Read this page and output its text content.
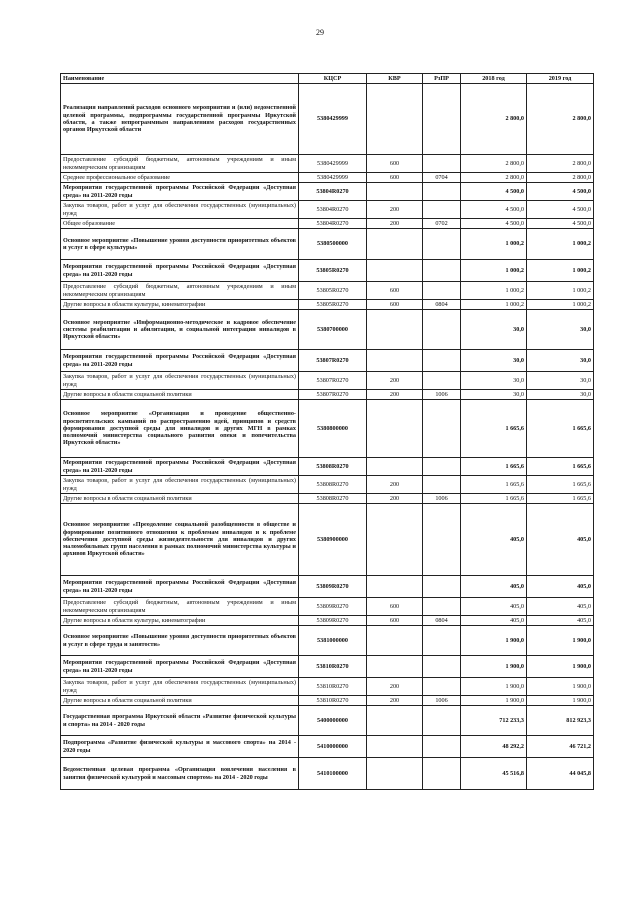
29
Наименование	КЦСР	КВР	РзПР	2018 год	2019 год
Реализация направлений расходов основного мероприятия и (или) ведомственной целевой программы, подпрограммы государственной программы Иркутской области, а также непрограммным направлениям расходов государственных органов Иркутской области	5380429999			2 800,0	2 800,0
Предоставление субсидий бюджетным, автономным учреждениям и иным некоммерческим организациям	5380429999	600		2 800,0	2 800,0
Среднее профессиональное образование	5380429999	600	0704	2 800,0	2 800,0
Мероприятия государственной программы Российской Федерации «Доступная среда» на 2011-2020 годы	53804R0270			4 500,0	4 500,0
Закупка товаров, работ и услуг для обеспечения государственных (муниципальных) нужд	53804R0270	200		4 500,0	4 500,0
Общее образование	53804R0270	200	0702	4 500,0	4 500,0
Основное мероприятие «Повышение уровня доступности приоритетных объектов и услуг в сфере культуры»	5380500000			1 000,2	1 000,2
Мероприятия государственной программы Российской Федерации «Доступная среда» на 2011-2020 годы	53805R0270			1 000,2	1 000,2
Предоставление субсидий бюджетным, автономным учреждениям и иным некоммерческим организациям	53805R0270	600		1 000,2	1 000,2
Другие вопросы в области культуры, кинематографии	53805R0270	600	0804	1 000,2	1 000,2
Основное мероприятие «Информационно-методическое и кадровое обеспечение системы реабилитации и абилитации, и социальной интеграции инвалидов в Иркутской области»	5380700000			30,0	30,0
Мероприятия государственной программы Российской Федерации «Доступная среда» на 2011-2020 годы	53807R0270			30,0	30,0
Закупка товаров, работ и услуг для обеспечения государственных (муниципальных) нужд	53807R0270	200		30,0	30,0
Другие вопросы в области социальной политики	53807R0270	200	1006	30,0	30,0
Основное мероприятие «Организация и проведение общественно-просветительских кампаний по распространению идей, принципов и средств формирования доступной среды для инвалидов и других МГН в рамках полномочий министерства социального развития опеки и попечительства Иркутской области»	5380800000			1 665,6	1 665,6
Мероприятия государственной программы Российской Федерации «Доступная среда» на 2011-2020 годы	53808R0270			1 665,6	1 665,6
Закупка товаров, работ и услуг для обеспечения государственных (муниципальных) нужд	53808R0270	200		1 665,6	1 665,6
Другие вопросы в области социальной политики	53808R0270	200	1006	1 665,6	1 665,6
Основное мероприятие «Преодоление социальной разобщенности в обществе и формирование позитивного отношения к проблемам инвалидов и к проблеме обеспечения доступной среды жизнедеятельности для инвалидов и других маломобильных групп населения в рамках полномочий министерства культуры и архивов Иркутской области»	5380900000			405,0	405,0
Мероприятия государственной программы Российской Федерации «Доступная среда» на 2011-2020 годы	53809R0270			405,0	405,0
Предоставление субсидий бюджетным, автономным учреждениям и иным некоммерческим организациям	53809R0270	600		405,0	405,0
Другие вопросы в области культуры, кинематографии	53809R0270	600	0804	405,0	405,0
Основное мероприятие «Повышение уровня доступности приоритетных объектов и услуг в сфере труда и занятости»	5381000000			1 900,0	1 900,0
Мероприятия государственной программы Российской Федерации «Доступная среда» на 2011-2020 годы	53810R0270			1 900,0	1 900,0
Закупка товаров, работ и услуг для обеспечения государственных (муниципальных) нужд	53810R0270	200		1 900,0	1 900,0
Другие вопросы в области социальной политики	53810R0270	200	1006	1 900,0	1 900,0
Государственная программа Иркутской области «Развитие физической культуры и спорта» на 2014 - 2020 годы	5400000000			712 233,3	812 923,3
Подпрограмма «Развитие физической культуры и массового спорта» на 2014 - 2020 годы	5410000000			48 292,2	46 721,2
Ведомственная целевая программа «Организация вовлечения населения в занятия физической культурой и массовым спортом» на 2014 - 2020 годы	5410100000			45 516,8	44 045,8
